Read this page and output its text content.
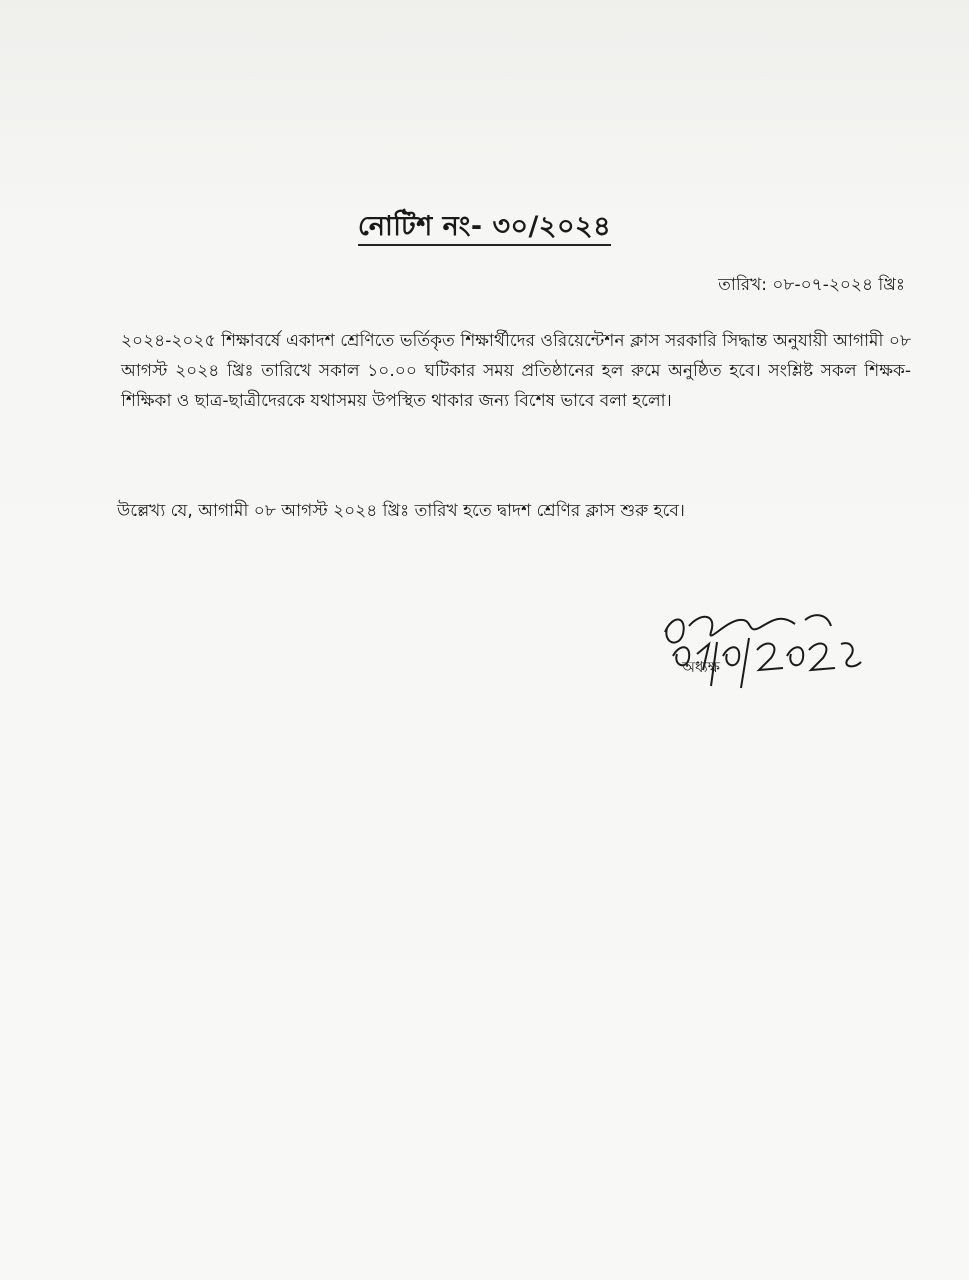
নোটিশ নং- ৩০/২০২৪
তারিখ: ০৮-০৭-২০২৪ খ্রিঃ
২০২৪-২০২৫ শিক্ষাবর্ষে একাদশ শ্রেণিতে ভর্তিকৃত শিক্ষার্থীদের ওরিয়েন্টেশন ক্লাস সরকারি সিদ্ধান্ত অনুযায়ী আগামী ০৮ আগস্ট ২০২৪ খ্রিঃ তারিখে সকাল ১০.০০ ঘটিকার সময় প্রতিষ্ঠানের হল রুমে অনুষ্ঠিত হবে। সংশ্লিষ্ট সকল শিক্ষক-শিক্ষিকা ও ছাত্র-ছাত্রীদেরকে যথাসময় উপস্থিত থাকার জন্য বিশেষ ভাবে বলা হলো।
উল্লেখ্য যে, আগামী ০৮ আগস্ট ২০২৪ খ্রিঃ তারিখ হতে দ্বাদশ শ্রেণির ক্লাস শুরু হবে।
অধ্যক্ষ
